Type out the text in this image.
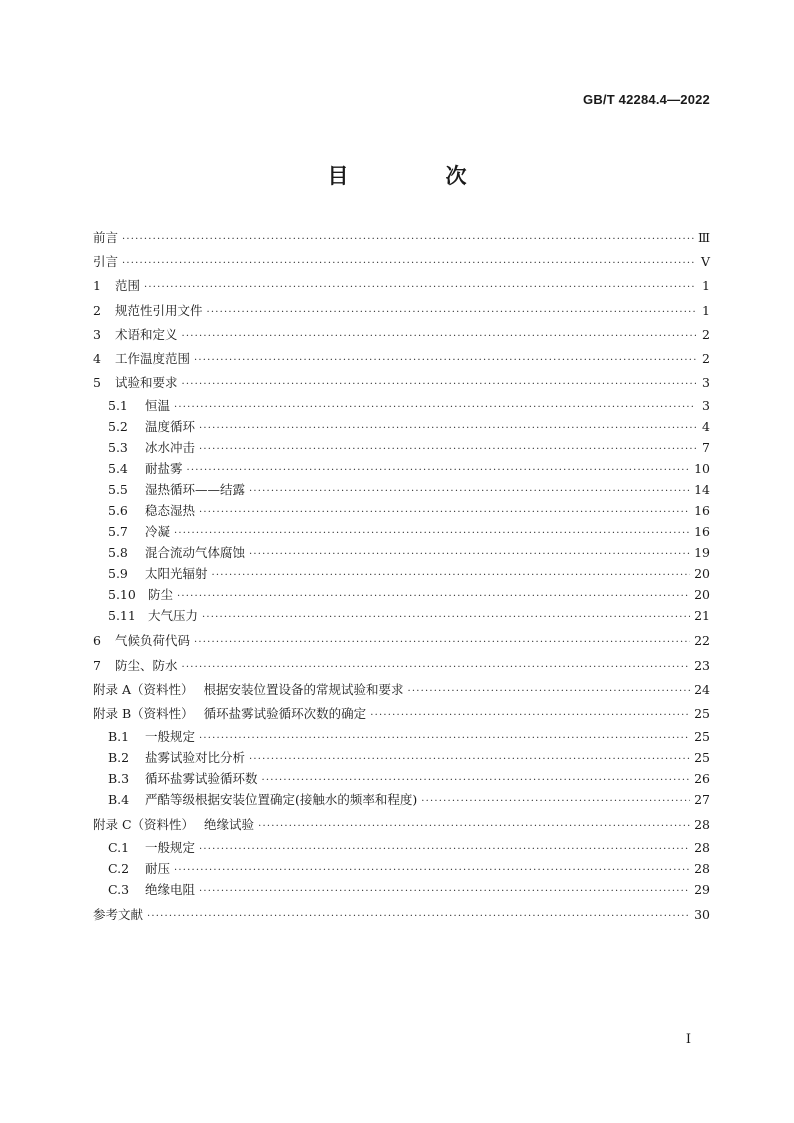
GB/T 42284.4—2022
目　次
前言 ·····	Ⅲ
引言 ·····	Ⅴ
1	范围 ·····	1
2	规范性引用文件 ·····	1
3	术语和定义 ·····	2
4	工作温度范围 ·····	2
5	试验和要求 ·····	3
5.1	恒温 ·····	3
5.2	温度循环 ·····	4
5.3	冰水冲击 ·····	7
5.4	耐盐雾 ·····	10
5.5	湿热循环——结露 ·····	14
5.6	稳态湿热 ·····	16
5.7	冷凝 ·····	16
5.8	混合流动气体腐蚀 ·····	19
5.9	太阳光辐射 ·····	20
5.10 防尘 ·····	20
5.11 大气压力 ·····	21
6	气候负荷代码 ·····	22
7	防尘、防水 ·····	23
附录 A（资料性） 根据安装位置设备的常规试验和要求 ·····	24
附录 B（资料性） 循环盐雾试验循环次数的确定 ·····	25
B.1	一般规定 ·····	25
B.2	盐雾试验对比分析 ·····	25
B.3	循环盐雾试验循环数 ·····	26
B.4	严酷等级根据安装位置确定(接触水的频率和程度) ·····	27
附录 C（资料性） 绝缘试验 ·····	28
C.1	一般规定 ·····	28
C.2	耐压 ·····	28
C.3	绝缘电阻 ·····	29
参考文献 ·····	30
Ⅰ
